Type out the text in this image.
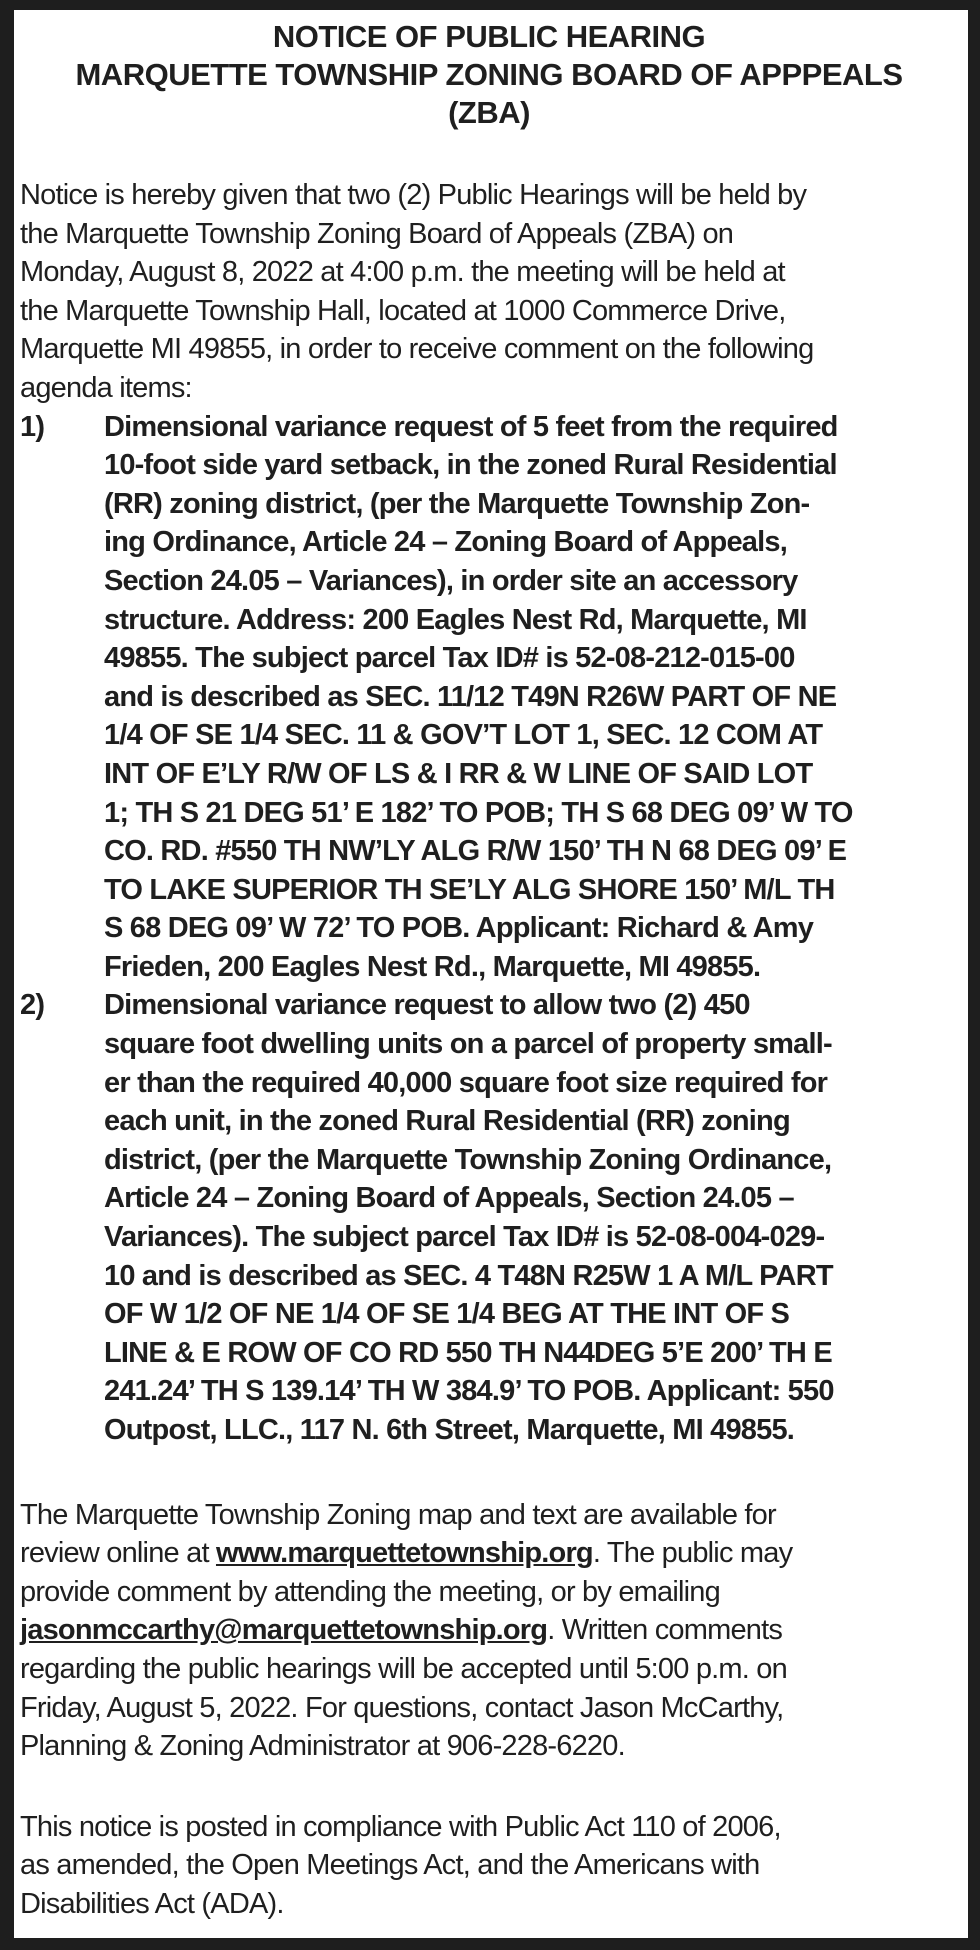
NOTICE OF PUBLIC HEARING
MARQUETTE TOWNSHIP ZONING BOARD OF APPPEALS
(ZBA)
Notice is hereby given that two (2) Public Hearings will be held by
the Marquette Township Zoning Board of Appeals (ZBA) on
Monday, August 8, 2022 at 4:00 p.m. the meeting will be held at
the Marquette Township Hall, located at 1000 Commerce Drive,
Marquette MI 49855, in order to receive comment on the following
agenda items:
1)	Dimensional variance request of 5 feet from the required
10-foot side yard setback, in the zoned Rural Residential
(RR) zoning district, (per the Marquette Township Zon-
ing Ordinance, Article 24 – Zoning Board of Appeals,
Section 24.05 – Variances), in order site an accessory
structure. Address: 200 Eagles Nest Rd, Marquette, MI
49855. The subject parcel Tax ID# is 52-08-212-015-00
and is described as SEC. 11/12 T49N R26W PART OF NE
1/4 OF SE 1/4 SEC. 11 & GOV’T LOT 1, SEC. 12 COM AT
INT OF E’LY R/W OF LS & I RR & W LINE OF SAID LOT
1; TH S 21 DEG 51’ E 182’ TO POB; TH S 68 DEG 09’ W TO
CO. RD. #550 TH NW’LY ALG R/W 150’ TH N 68 DEG 09’ E
TO LAKE SUPERIOR TH SE’LY ALG SHORE 150’ M/L TH
S 68 DEG 09’ W 72’ TO POB. Applicant: Richard & Amy
Frieden, 200 Eagles Nest Rd., Marquette, MI 49855.
2)	Dimensional variance request to allow two (2) 450
square foot dwelling units on a parcel of property small-
er than the required 40,000 square foot size required for
each unit, in the zoned Rural Residential (RR) zoning
district, (per the Marquette Township Zoning Ordinance,
Article 24 – Zoning Board of Appeals, Section 24.05 –
Variances). The subject parcel Tax ID# is 52-08-004-029-
10 and is described as SEC. 4 T48N R25W 1 A M/L PART
OF W 1/2 OF NE 1/4 OF SE 1/4 BEG AT THE INT OF S
LINE & E ROW OF CO RD 550 TH N44DEG 5’E 200’ TH E
241.24’ TH S 139.14’ TH W 384.9’ TO POB. Applicant: 550
Outpost, LLC., 117 N. 6th Street, Marquette, MI 49855.
The Marquette Township Zoning map and text are available for
review online at www.marquettetownship.org. The public may
provide comment by attending the meeting, or by emailing
jasonmccarthy@marquettetownship.org. Written comments
regarding the public hearings will be accepted until 5:00 p.m. on
Friday, August 5, 2022. For questions, contact Jason McCarthy,
Planning & Zoning Administrator at 906-228-6220.
This notice is posted in compliance with Public Act 110 of 2006,
as amended, the Open Meetings Act, and the Americans with
Disabilities Act (ADA).
